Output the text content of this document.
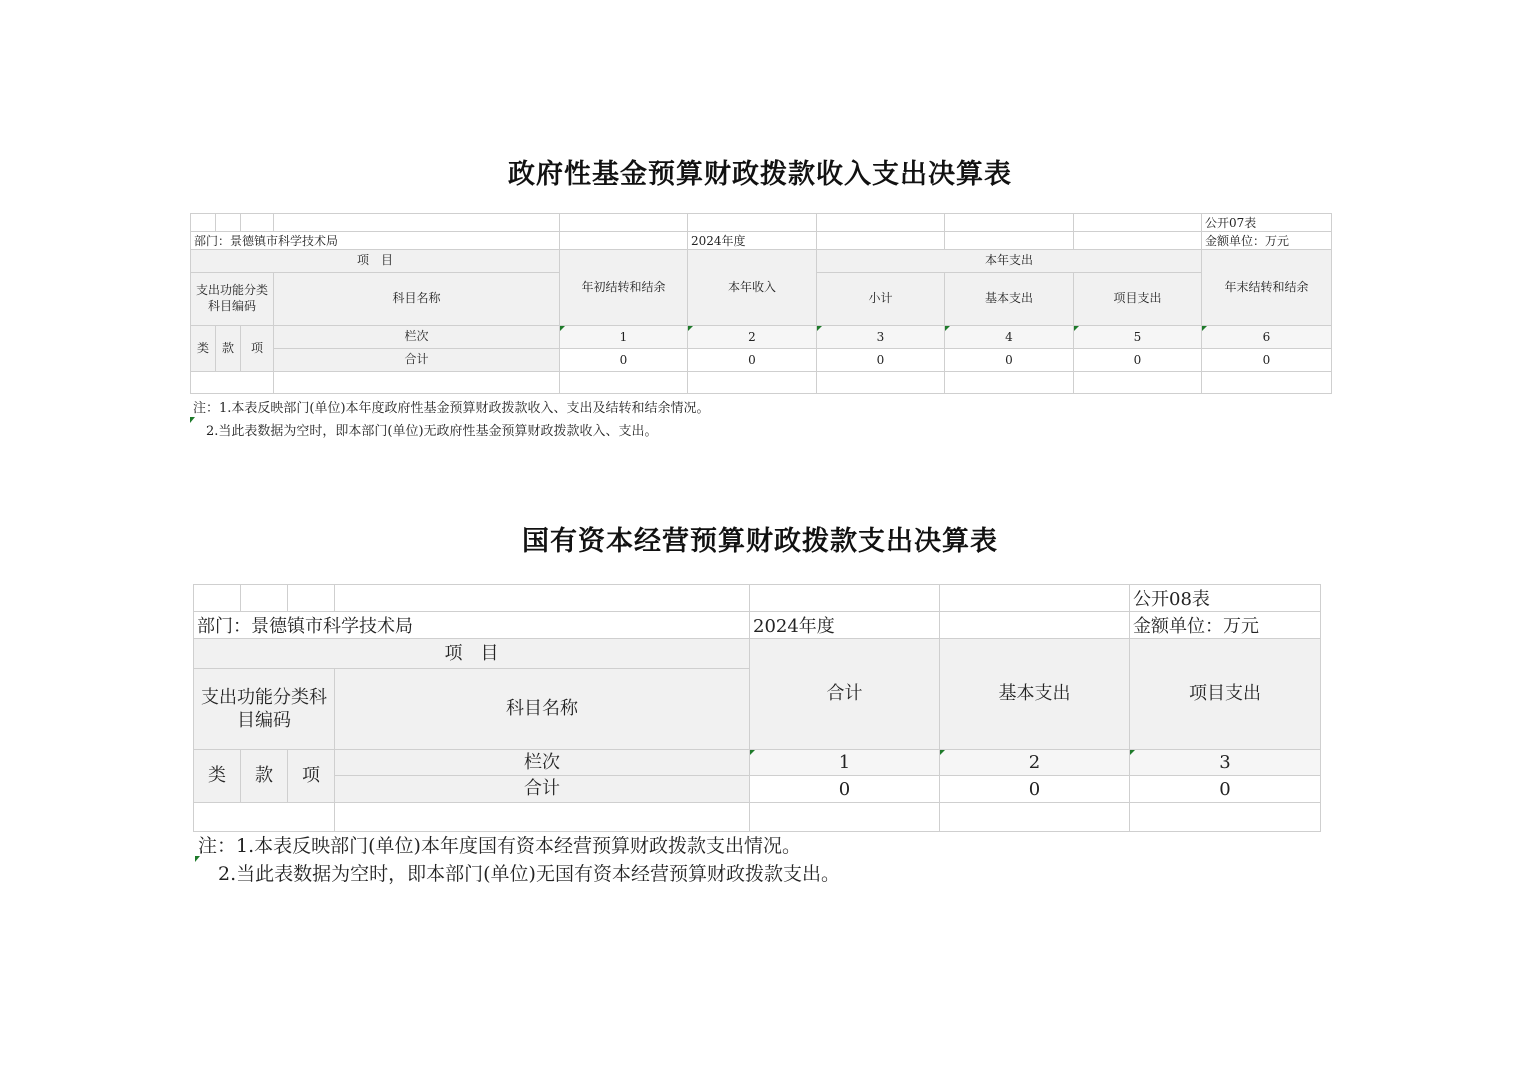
政府性基金预算财政拨款收入支出决算表
									公开07表
部门：景德镇市科学技术局					2024年度				金额单位：万元
项　目				年初结转和结余	本年收入	本年支出			年末结转和结余
支出功能分类科目编码			科目名称			小计	基本支出	项目支出	
类	款	项	栏次	1	2	3	4	5	6
			合计	0	0	0	0	0	0

注：1.本表反映部门(单位)本年度政府性基金预算财政拨款收入、支出及结转和结余情况。
2.当此表数据为空时，即本部门(单位)无政府性基金预算财政拨款收入、支出。
国有资本经营预算财政拨款支出决算表
						公开08表
部门：景德镇市科学技术局				2024年度		金额单位：万元
项　目				合计	基本支出	项目支出
支出功能分类科目编码			科目名称			
类	款	项	栏次	1	2	3
			合计	0	0	0

注：1.本表反映部门(单位)本年度国有资本经营预算财政拨款支出情况。
2.当此表数据为空时，即本部门(单位)无国有资本经营预算财政拨款支出。
